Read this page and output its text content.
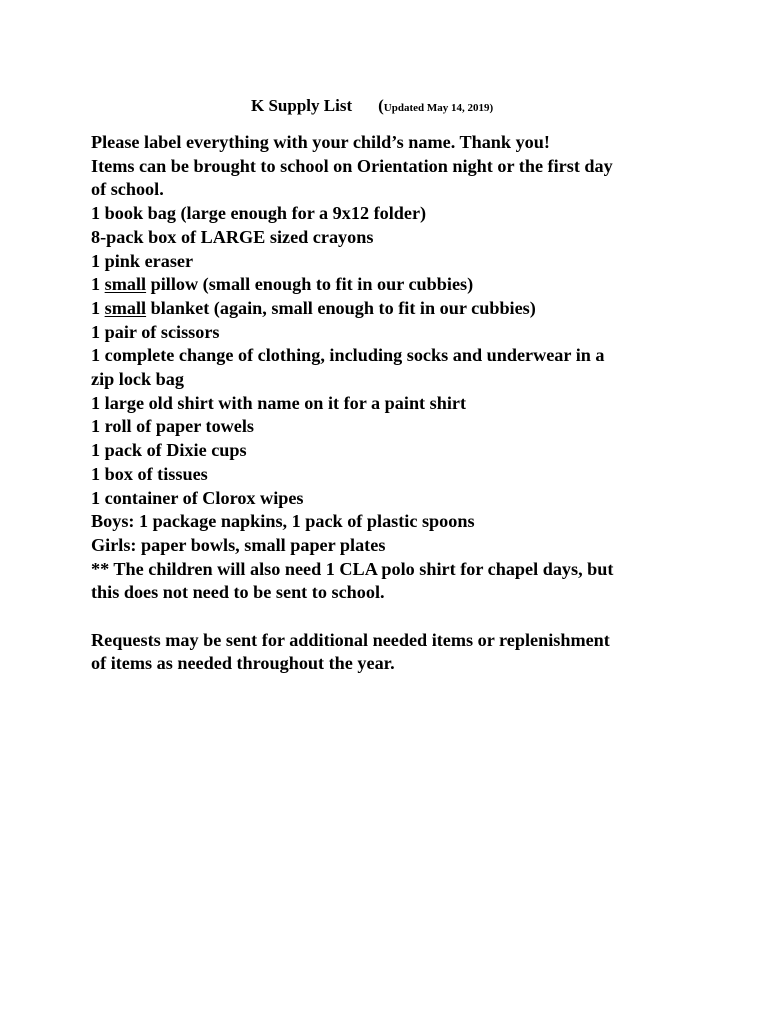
K Supply List (Updated May 14, 2019)
Please label everything with your child’s name. Thank you!
Items can be brought to school on Orientation night or the first day
of school.
1 book bag (large enough for a 9x12 folder)
8-pack box of LARGE sized crayons
1 pink eraser
1 small pillow (small enough to fit in our cubbies)
1 small blanket (again, small enough to fit in our cubbies)
1 pair of scissors
1 complete change of clothing, including socks and underwear in a
zip lock bag
1 large old shirt with name on it for a paint shirt
1 roll of paper towels
1 pack of Dixie cups
1 box of tissues
1 container of Clorox wipes
Boys: 1 package napkins, 1 pack of plastic spoons
Girls: paper bowls, small paper plates
** The children will also need 1 CLA polo shirt for chapel days, but
this does not need to be sent to school.
Requests may be sent for additional needed items or replenishment
of items as needed throughout the year.
